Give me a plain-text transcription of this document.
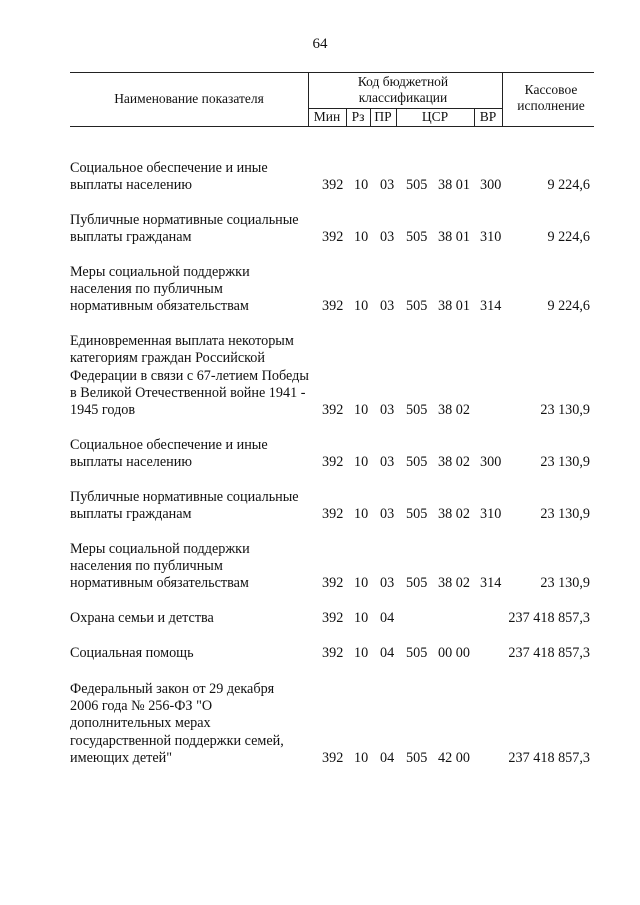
64
Наименование показателя
Код бюджетной классификации
Мин Рз ПР	ЦСР	ВР
Кассовое исполнение
Социальное обеспечение и иные выплаты населению	392 10 03 505 38 01 300	9 224,6
Публичные нормативные социальные выплаты гражданам	392 10 03 505 38 01 310	9 224,6
Меры социальной поддержки населения по публичным нормативным обязательствам	392 10 03 505 38 01 314	9 224,6
Единовременная выплата некоторым категориям граждан Российской Федерации в связи с 67-летием Победы в Великой Отечественной войне 1941 - 1945 годов	392 10 03 505 38 02	23 130,9
Социальное обеспечение и иные выплаты населению	392 10 03 505 38 02 300	23 130,9
Публичные нормативные социальные выплаты гражданам	392 10 03 505 38 02 310	23 130,9
Меры социальной поддержки населения по публичным нормативным обязательствам	392 10 03 505 38 02 314	23 130,9
Охрана семьи и детства	392 10 04	237 418 857,3
Социальная помощь	392 10 04 505 00 00	237 418 857,3
Федеральный закон от 29 декабря 2006 года № 256-ФЗ "О дополнительных мерах государственной поддержки семей, имеющих детей"	392 10 04 505 42 00	237 418 857,3
